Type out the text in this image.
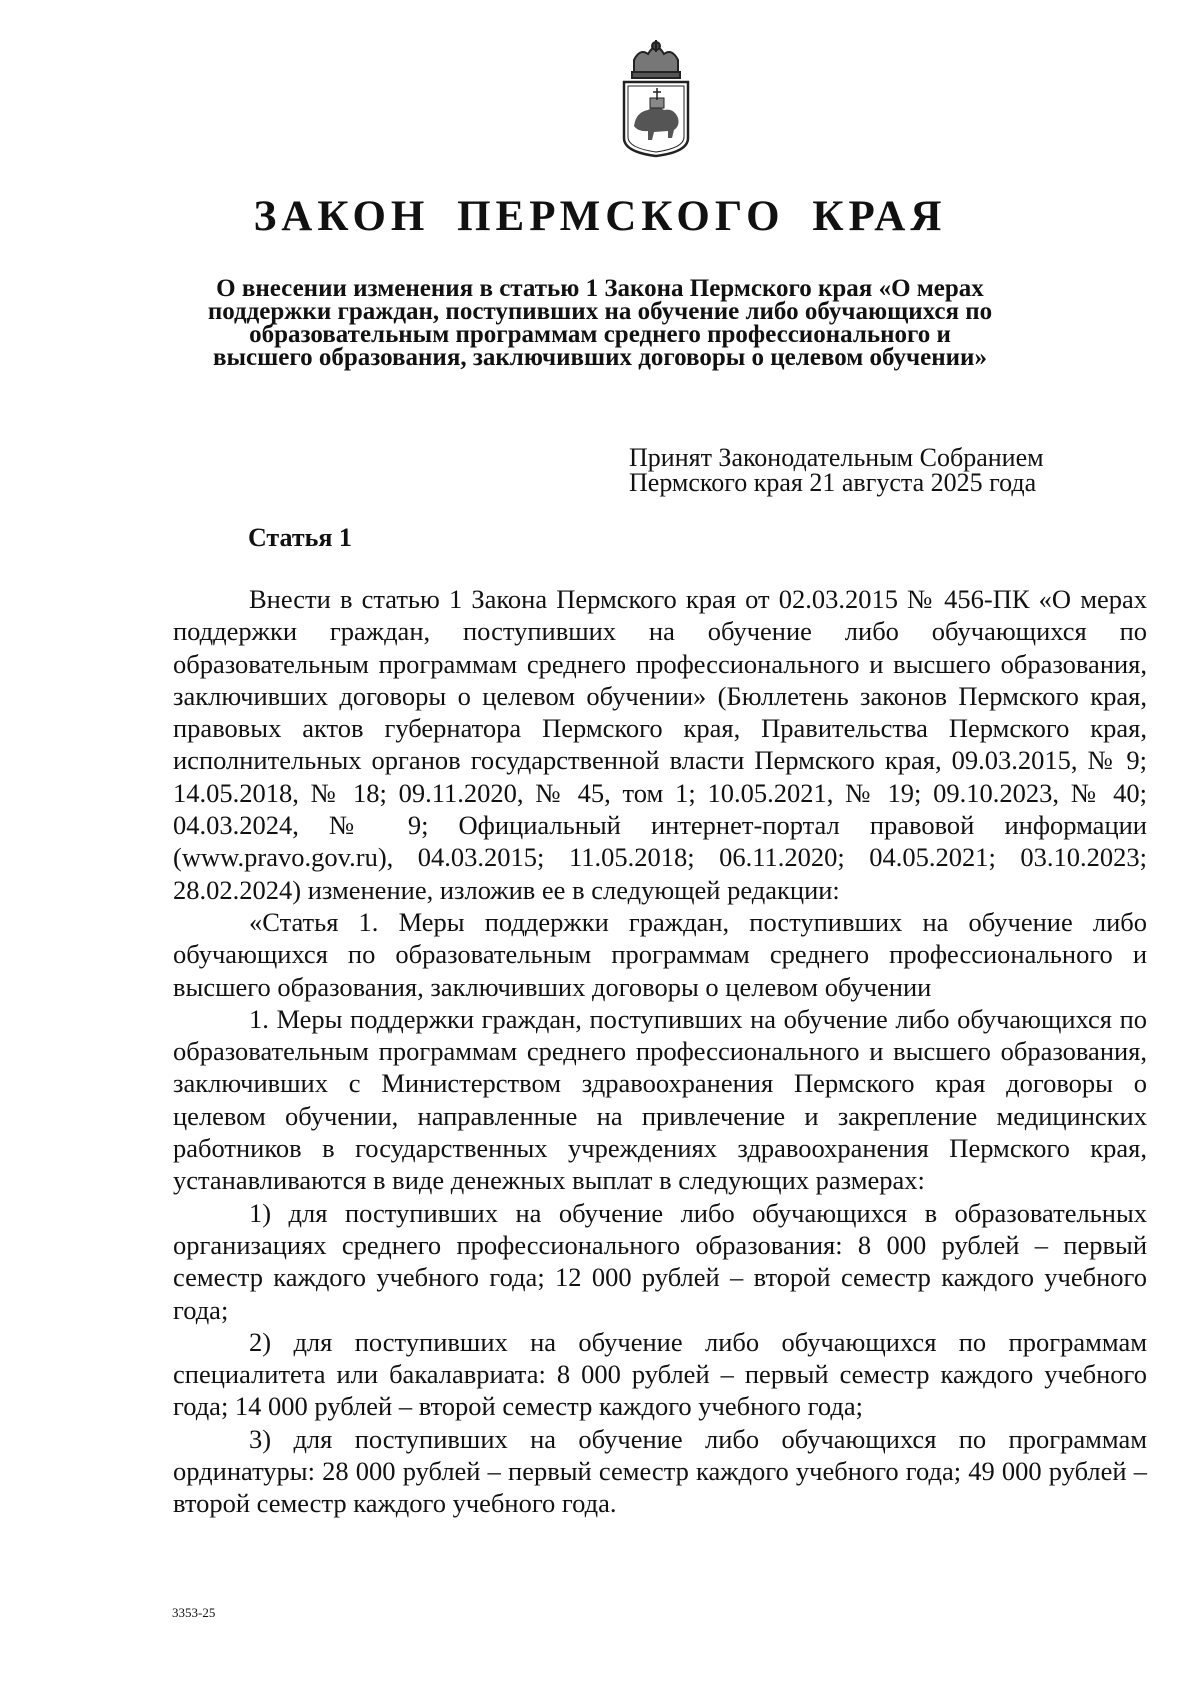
ЗАКОН ПЕРМСКОГО КРАЯ
О внесении изменения в статью 1 Закона Пермского края «О мерах поддержки граждан, поступивших на обучение либо обучающихся по образовательным программам среднего профессионального и высшего образования, заключивших договоры о целевом обучении»
Принят Законодательным Собранием Пермского края 21 августа 2025 года
Статья 1

Внести в статью 1 Закона Пермского края от 02.03.2015 № 456-ПК «О мерах поддержки граждан, поступивших на обучение либо обучающихся по образовательным программам среднего профессионального и высшего образования, заключивших договоры о целевом обучении» (Бюллетень законов Пермского края, правовых актов губернатора Пермского края, Правительства Пермского края, исполнительных органов государственной власти Пермского края, 09.03.2015, № 9; 14.05.2018, № 18; 09.11.2020, № 45, том 1; 10.05.2021, № 19; 09.10.2023, № 40; 04.03.2024, № 9; Официальный интернет-портал правовой информации (www.pravo.gov.ru), 04.03.2015; 11.05.2018; 06.11.2020; 04.05.2021; 03.10.2023; 28.02.2024) изменение, изложив ее в следующей редакции:

«Статья 1. Меры поддержки граждан, поступивших на обучение либо обучающихся по образовательным программам среднего профессионального и высшего образования, заключивших договоры о целевом обучении

1. Меры поддержки граждан, поступивших на обучение либо обучающихся по образовательным программам среднего профессионального и высшего образования, заключивших с Министерством здравоохранения Пермского края договоры о целевом обучении, направленные на привлечение и закрепление медицинских работников в государственных учреждениях здравоохранения Пермского края, устанавливаются в виде денежных выплат в следующих размерах:

1) для поступивших на обучение либо обучающихся в образовательных организациях среднего профессионального образования: 8 000 рублей – первый семестр каждого учебного года; 12 000 рублей – второй семестр каждого учебного года;

2) для поступивших на обучение либо обучающихся по программам специалитета или бакалавриата: 8 000 рублей – первый семестр каждого учебного года; 14 000 рублей – второй семестр каждого учебного года;

3) для поступивших на обучение либо обучающихся по программам ординатуры: 28 000 рублей – первый семестр каждого учебного года; 49 000 рублей – второй семестр каждого учебного года.

3353-25
